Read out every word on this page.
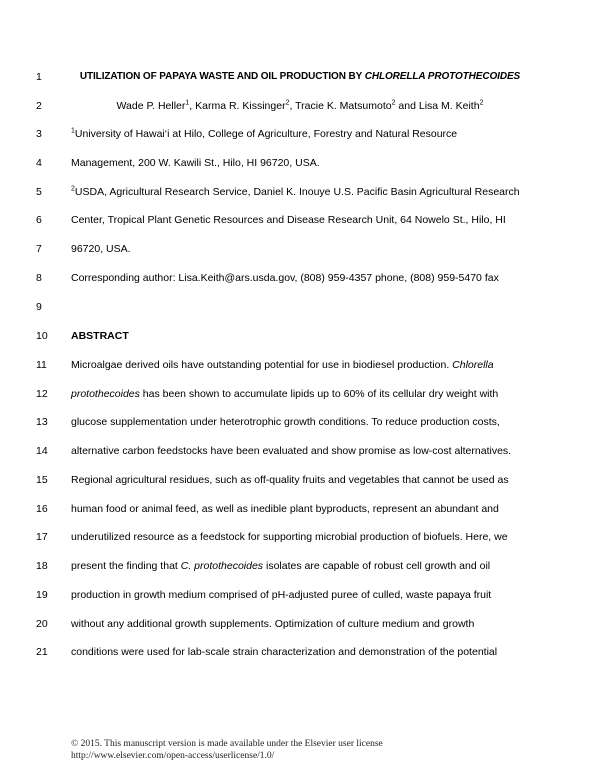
1	UTILIZATION OF PAPAYA WASTE AND OIL PRODUCTION BY CHLORELLA PROTOTHECOIDES
2	Wade P. Heller$^1$, Karma R. Kissinger$^2$, Tracie K. Matsumoto$^2$ and Lisa M. Keith$^2$
3	$^1$University of Hawai‘i at Hilo, College of Agriculture, Forestry and Natural Resource
4	Management, 200 W. Kawili St., Hilo, HI 96720, USA.
5	$^2$USDA, Agricultural Research Service, Daniel K. Inouye U.S. Pacific Basin Agricultural Research
6	Center, Tropical Plant Genetic Resources and Disease Research Unit, 64 Nowelo St., Hilo, HI
7	96720, USA.
8	Corresponding author: Lisa.Keith@ars.usda.gov, (808) 959-4357 phone, (808) 959-5470 fax
9
10	ABSTRACT
11	Microalgae derived oils have outstanding potential for use in biodiesel production. Chlorella
12	protothecoides has been shown to accumulate lipids up to 60% of its cellular dry weight with
13	glucose supplementation under heterotrophic growth conditions. To reduce production costs,
14	alternative carbon feedstocks have been evaluated and show promise as low-cost alternatives.
15	Regional agricultural residues, such as off-quality fruits and vegetables that cannot be used as
16	human food or animal feed, as well as inedible plant byproducts, represent an abundant and
17	underutilized resource as a feedstock for supporting microbial production of biofuels. Here, we
18	present the finding that C. protothecoides isolates are capable of robust cell growth and oil
19	production in growth medium comprised of pH-adjusted puree of culled, waste papaya fruit
20	without any additional growth supplements. Optimization of culture medium and growth
21	conditions were used for lab-scale strain characterization and demonstration of the potential
© 2015. This manuscript version is made available under the Elsevier user license
http://www.elsevier.com/open-access/userlicense/1.0/
